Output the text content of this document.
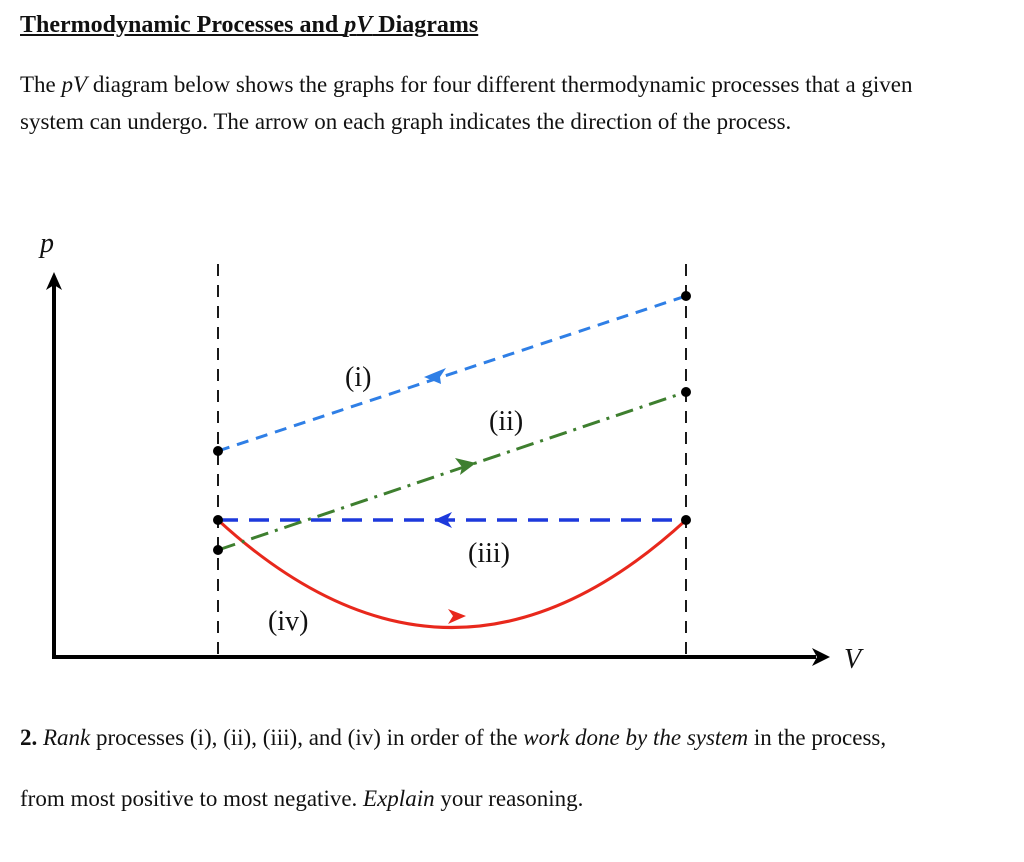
Thermodynamic Processes and pV Diagrams
The pV diagram below shows the graphs for four different thermodynamic processes that a given
system can undergo. The arrow on each graph indicates the direction of the process.
p
V
(i)
(ii)
(iii)
(iv)
2. Rank processes (i), (ii), (iii), and (iv) in order of the work done by the system in the process,
from most positive to most negative. Explain your reasoning.
